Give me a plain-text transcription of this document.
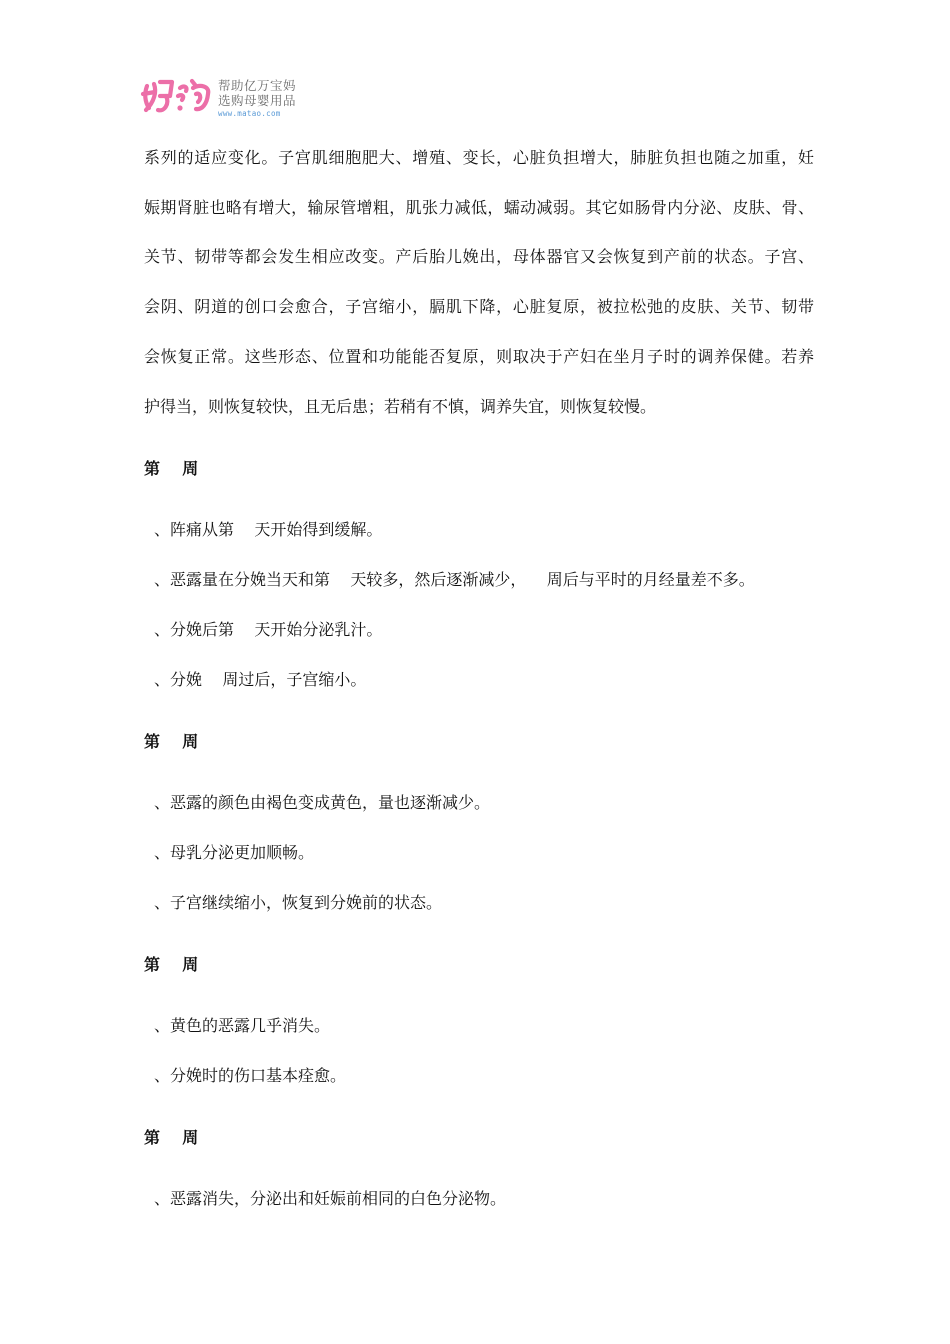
帮助亿万宝妈
选购母婴用品
www.mataо.com
系列的适应变化。子宫肌细胞肥大、增殖、变长，心脏负担增大，肺脏负担也随之加重，妊
娠期肾脏也略有增大，输尿管增粗，肌张力减低，蠕动减弱。其它如肠骨内分泌、皮肤、骨、
关节、韧带等都会发生相应改变。产后胎儿娩出，母体器官又会恢复到产前的状态。子宫、
会阴、阴道的创口会愈合，子宫缩小，膈肌下降，心脏复原，被拉松弛的皮肤、关节、韧带
会恢复正常。这些形态、位置和功能能否复原，则取决于产妇在坐月子时的调养保健。若养
护得当，则恢复较快，且无后患；若稍有不慎，调养失宜，则恢复较慢。
第    周
、阵痛从第    天开始得到缓解。
、恶露量在分娩当天和第    天较多，然后逐渐减少，    周后与平时的月经量差不多。
、分娩后第    天开始分泌乳汁。
、分娩    周过后，子宫缩小。
第    周
、恶露的颜色由褐色变成黄色，量也逐渐减少。
、母乳分泌更加顺畅。
、子宫继续缩小，恢复到分娩前的状态。
第    周
、黄色的恶露几乎消失。
、分娩时的伤口基本痊愈。
第    周
、恶露消失，分泌出和妊娠前相同的白色分泌物。
